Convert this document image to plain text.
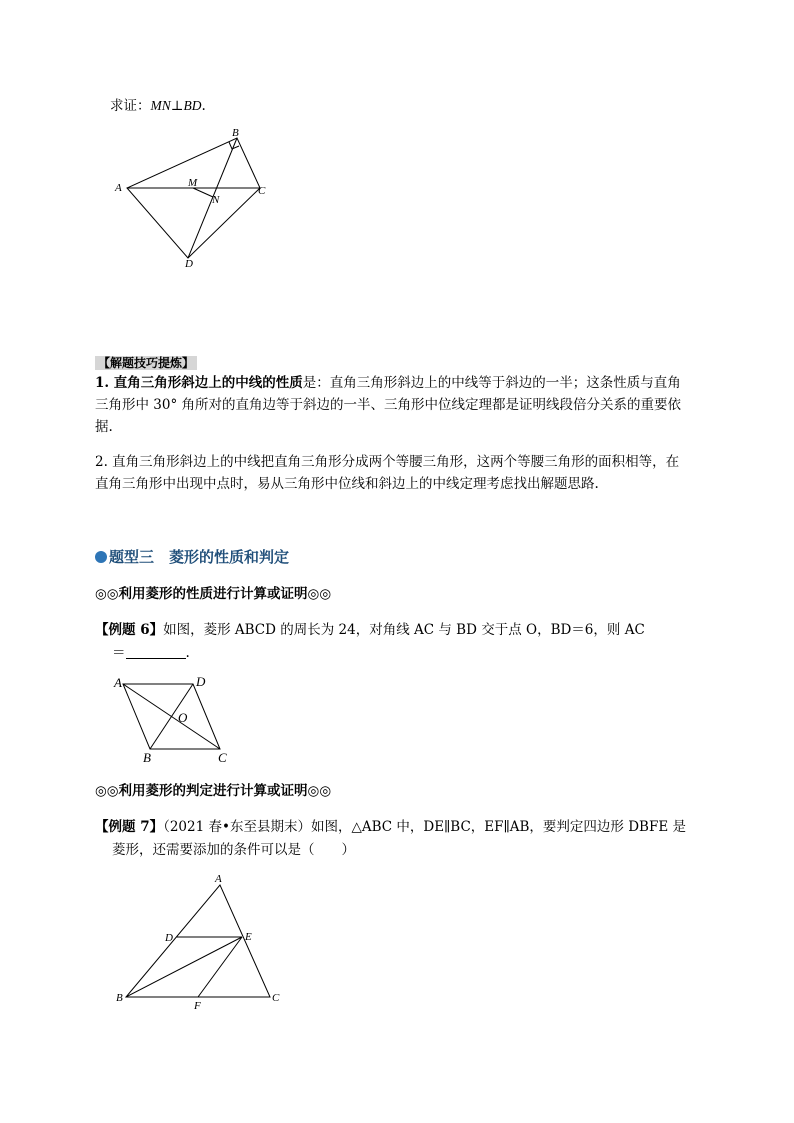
求证：MN⊥BD.
A
B
C
D
M
N
【解题技巧提炼】
1. 直角三角形斜边上的中线的性质是：直角三角形斜边上的中线等于斜边的一半；这条性质与直角
三角形中 30° 角所对的直角边等于斜边的一半、三角形中位线定理都是证明线段倍分关系的重要依
据.
2. 直角三角形斜边上的中线把直角三角形分成两个等腰三角形，这两个等腰三角形的面积相等，在
直角三角形中出现中点时，易从三角形中位线和斜边上的中线定理考虑找出解题思路.
题型三　菱形的性质和判定
◎◎利用菱形的性质进行计算或证明◎◎
【例题 6】如图，菱形 ABCD 的周长为 24，对角线 AC 与 BD 交于点 O，BD＝6，则 AC
＝	.
A	D
O
B	C
◎◎利用菱形的判定进行计算或证明◎◎
【例题 7】（2021 春•东至县期末）如图，△ABC 中，DE∥BC，EF∥AB，要判定四边形 DBFE 是
菱形，还需要添加的条件可以是（　　）
A
D	E
B
F
C
